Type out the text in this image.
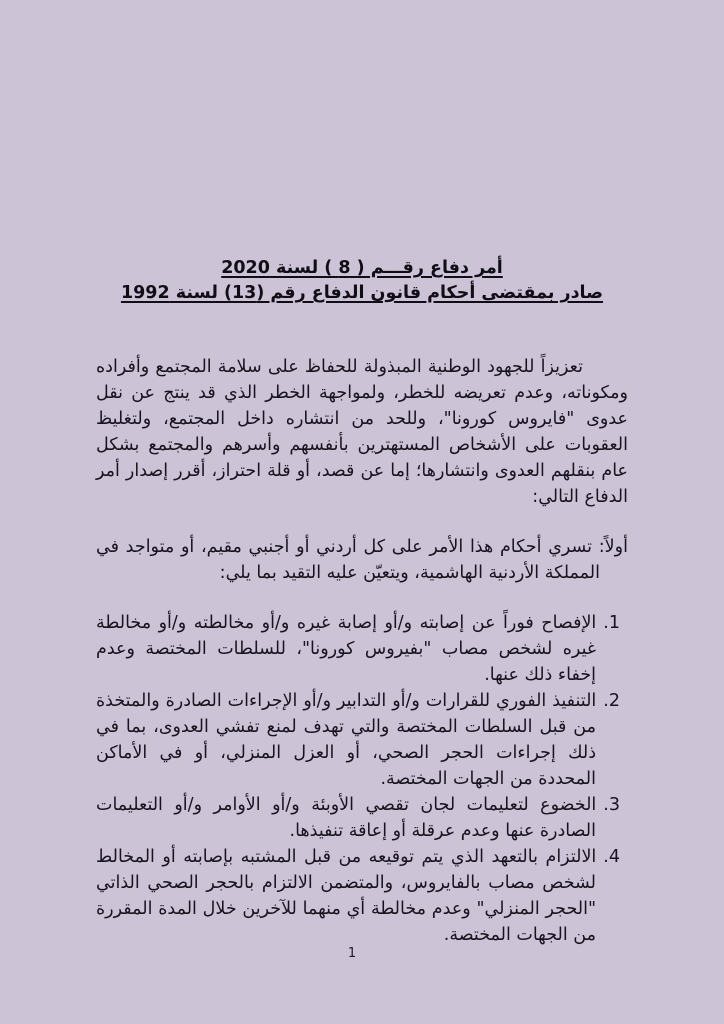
أمر دفاع رقـــم ( 8 ) لسنة 2020
صادر بمقتضى أحكام قانون الدفاع رقم (13) لسنة 1992

تعزيزاً للجهود الوطنية المبذولة للحفاظ على سلامة المجتمع وأفراده ومكوناته، وعدم تعريضه للخطر، ولمواجهة الخطر الذي قد ينتج عن نقل عدوى "فايروس كورونا"، وللحد من انتشاره داخل المجتمع، ولتغليظ العقوبات على الأشخاص المستهترين بأنفسهم وأسرهم والمجتمع بشكل عام بنقلهم العدوى وانتشارها؛ إما عن قصد، أو قلة احتراز، أقرر إصدار أمر الدفاع التالي:

أولاً: تسري أحكام هذا الأمر على كل أردني أو أجنبي مقيم، أو متواجد في المملكة الأردنية الهاشمية، ويتعيّن عليه التقيد بما يلي:

.1الإفصاح فوراً عن إصابته و/أو إصابة غيره و/أو مخالطته و/أو مخالطة غيره لشخص مصاب "بفيروس كورونا"، للسلطات المختصة وعدم إخفاء ذلك عنها.
.2التنفيذ الفوري للقرارات و/أو التدابير و/أو الإجراءات الصادرة والمتخذة من قبل السلطات المختصة والتي تهدف لمنع تفشي العدوى، بما في ذلك إجراءات الحجر الصحي، أو العزل المنزلي، أو في الأماكن المحددة من الجهات المختصة.
.3الخضوع لتعليمات لجان تقصي الأوبئة و/أو الأوامر و/أو التعليمات الصادرة عنها وعدم عرقلة أو إعاقة تنفيذها.
.4الالتزام بالتعهد الذي يتم توقيعه من قبل المشتبه بإصابته أو المخالط لشخص مصاب بالفايروس، والمتضمن الالتزام بالحجر الصحي الذاتي "الحجر المنزلي" وعدم مخالطة أي منهما للآخرين خلال المدة المقررة من الجهات المختصة.
1
